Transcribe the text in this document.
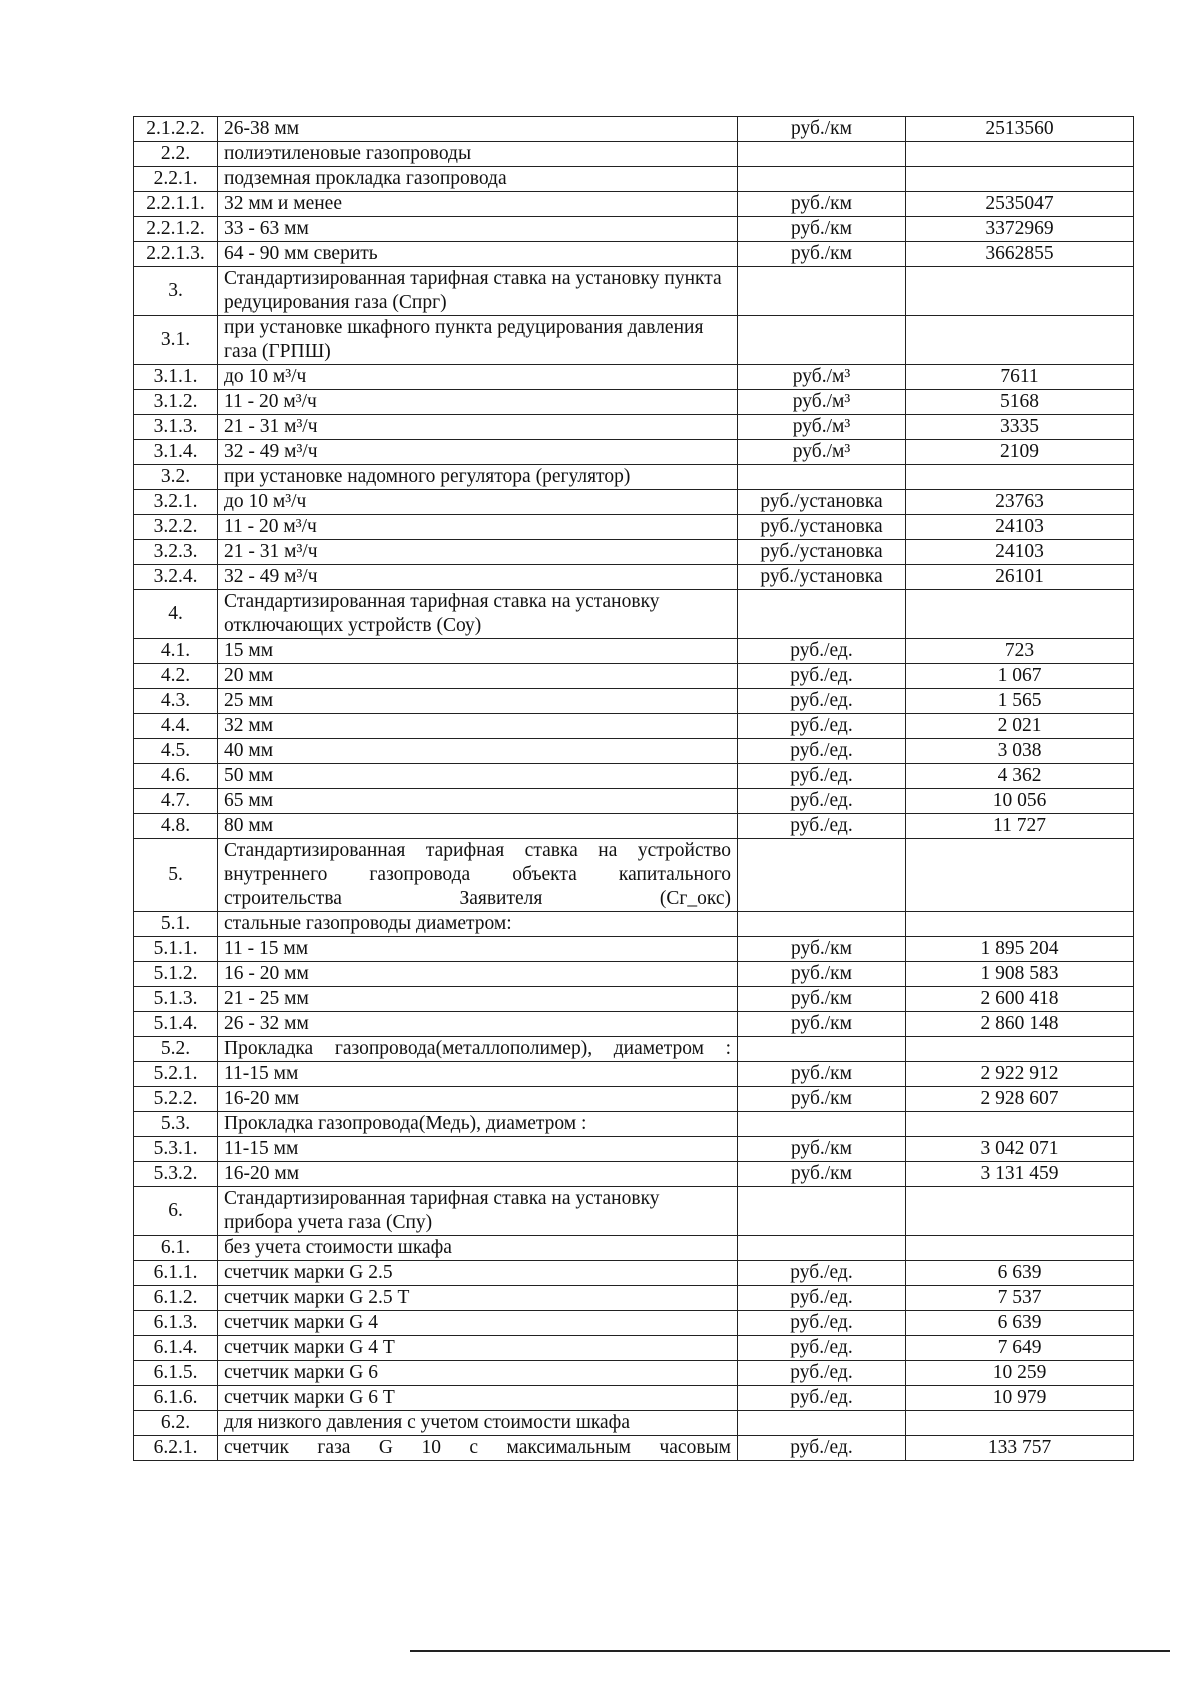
2.1.2.2.	26-38 мм	руб./км	2513560
2.2.	полиэтиленовые газопроводы		
2.2.1.	подземная прокладка газопровода		
2.2.1.1.	32 мм и менее	руб./км	2535047
2.2.1.2.	33 - 63 мм	руб./км	3372969
2.2.1.3.	64 - 90 мм сверить	руб./км	3662855
3.	Стандартизированная тарифная ставка на установку пункта редуцирования газа (Спрг)		
3.1.	при установке шкафного пункта редуцирования давления газа (ГРПШ)		
3.1.1.	до 10 м³/ч	руб./м³	7611
3.1.2.	11 - 20 м³/ч	руб./м³	5168
3.1.3.	21 - 31 м³/ч	руб./м³	3335
3.1.4.	32 - 49 м³/ч	руб./м³	2109
3.2.	при установке надомного регулятора (регулятор)		
3.2.1.	до 10 м³/ч	руб./установка	23763
3.2.2.	11 - 20 м³/ч	руб./установка	24103
3.2.3.	21 - 31 м³/ч	руб./установка	24103
3.2.4.	32 - 49 м³/ч	руб./установка	26101
4.	Стандартизированная тарифная ставка на установку отключающих устройств (Соу)		
4.1.	15 мм	руб./ед.	723
4.2.	20 мм	руб./ед.	1 067
4.3.	25 мм	руб./ед.	1 565
4.4.	32 мм	руб./ед.	2 021
4.5.	40 мм	руб./ед.	3 038
4.6.	50 мм	руб./ед.	4 362
4.7.	65 мм	руб./ед.	10 056
4.8.	80 мм	руб./ед.	11 727
5.	Стандартизированная тарифная ставка на устройство внутреннего газопровода объекта капитального строительства Заявителя (Сг_окс)		
5.1.	стальные газопроводы диаметром:		
5.1.1.	11 - 15 мм	руб./км	1 895 204
5.1.2.	16 - 20 мм	руб./км	1 908 583
5.1.3.	21 - 25 мм	руб./км	2 600 418
5.1.4.	26 - 32 мм	руб./км	2 860 148
5.2.	Прокладка газопровода(металлополимер), диаметром :		
5.2.1.	11-15 мм	руб./км	2 922 912
5.2.2.	16-20 мм	руб./км	2 928 607
5.3.	Прокладка газопровода(Медь), диаметром :		
5.3.1.	11-15 мм	руб./км	3 042 071
5.3.2.	16-20 мм	руб./км	3 131 459
6.	Стандартизированная тарифная ставка на установку прибора учета газа (Спу)		
6.1.	без учета стоимости шкафа		
6.1.1.	счетчик марки G 2.5	руб./ед.	6 639
6.1.2.	счетчик марки G 2.5 Т	руб./ед.	7 537
6.1.3.	счетчик марки G 4	руб./ед.	6 639
6.1.4.	счетчик марки G 4 Т	руб./ед.	7 649
6.1.5.	счетчик марки G 6	руб./ед.	10 259
6.1.6.	счетчик марки G 6 Т	руб./ед.	10 979
6.2.	для низкого давления с учетом стоимости шкафа		
6.2.1.	счетчик газа G 10 с максимальным часовым	руб./ед.	133 757
